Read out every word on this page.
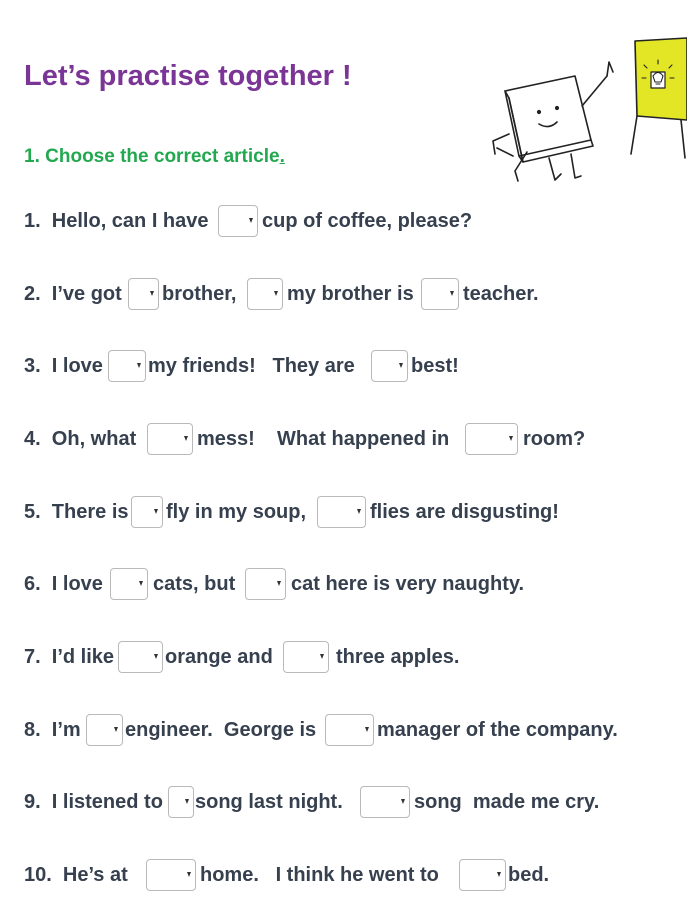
Let’s practise together !
1. Choose the correct article.
1.  Hello, can I have	cup of coffee, please?
2.  I’ve got brother,	my brother is teacher.
3.  I love my friends!   They are	best!
4.  Oh, what	mess!    What happened in	room?
5.  There is fly in my soup,	flies are disgusting!
6.  I love	cats, but	cat here is very naughty.
7.  I’d like	orange and	three apples.
8.  I’m engineer.  George is	manager of the company.
9.  I listened to song last night.	song  made me cry.
10.  He’s at	home.   I think he went to	bed.
